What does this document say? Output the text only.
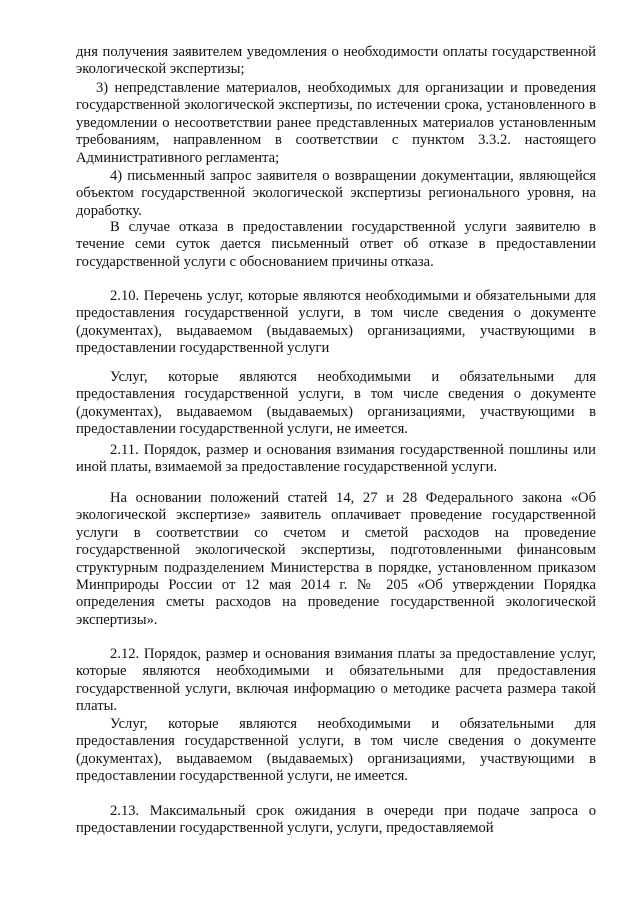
дня получения заявителем уведомления о необходимости оплаты государственной экологической экспертизы;

3) непредставление материалов, необходимых для организации и проведения государственной экологической экспертизы, по истечении срока, установленного в уведомлении о несоответствии ранее представленных материалов установленным требованиям, направленном в соответствии с пунктом 3.3.2. настоящего Административного регламента;

4) письменный запрос заявителя о возвращении документации, являющейся объектом государственной экологической экспертизы регионального уровня, на доработку.

В случае отказа в предоставлении государственной услуги заявителю в течение семи суток дается письменный ответ об отказе в предоставлении государственной услуги с обоснованием причины отказа.

2.10. Перечень услуг, которые являются необходимыми и обязательными для предоставления государственной услуги, в том числе сведения о документе (документах), выдаваемом (выдаваемых) организациями, участвующими в предоставлении государственной услуги

Услуг, которые являются необходимыми и обязательными для предоставления государственной услуги, в том числе сведения о документе (документах), выдаваемом (выдаваемых) организациями, участвующими в предоставлении государственной услуги, не имеется.

2.11. Порядок, размер и основания взимания государственной пошлины или иной платы, взимаемой за предоставление государственной услуги.

На основании положений статей 14, 27 и 28 Федерального закона «Об экологической экспертизе» заявитель оплачивает проведение государственной услуги в соответствии со счетом и сметой расходов на проведение государственной экологической экспертизы, подготовленными финансовым структурным подразделением Министерства в порядке, установленном приказом Минприроды России от 12 мая 2014 г. № 205 «Об утверждении Порядка определения сметы расходов на проведение государственной экологической экспертизы».

2.12. Порядок, размер и основания взимания платы за предоставление услуг, которые являются необходимыми и обязательными для предоставления государственной услуги, включая информацию о методике расчета размера такой платы.

Услуг, которые являются необходимыми и обязательными для предоставления государственной услуги, в том числе сведения о документе (документах), выдаваемом (выдаваемых) организациями, участвующими в предоставлении государственной услуги, не имеется.

2.13. Максимальный срок ожидания в очереди при подаче запроса о предоставлении государственной услуги, услуги, предоставляемой
